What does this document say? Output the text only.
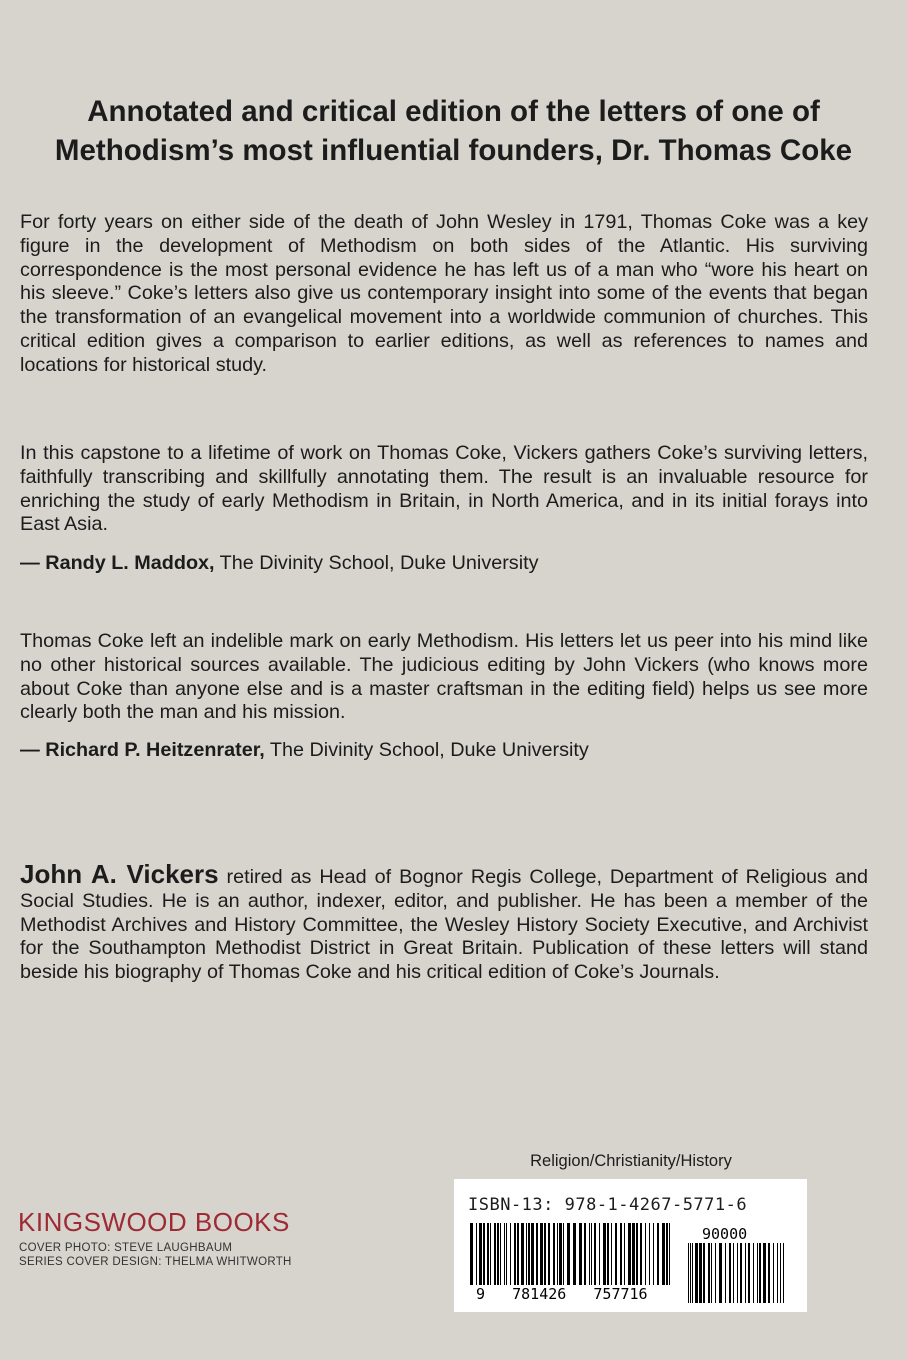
Annotated and critical edition of the letters of one of
Methodism’s most influential founders, Dr. Thomas Coke

For forty years on either side of the death of John Wesley in 1791, Thomas Coke was a key figure in the development of Methodism on both sides of the Atlantic. His surviving correspondence is the most personal evidence he has left us of a man who “wore his heart on his sleeve.” Coke’s letters also give us contemporary insight into some of the events that began the transformation of an evangelical movement into a worldwide communion of churches. This critical edition gives a comparison to earlier editions, as well as references to names and locations for historical study.

In this capstone to a lifetime of work on Thomas Coke, Vickers gathers Coke’s surviving letters, faithfully transcribing and skillfully annotating them. The result is an invaluable resource for enriching the study of early Methodism in Britain, in North America, and in its initial forays into East Asia.

— Randy L. Maddox, The Divinity School, Duke University

Thomas Coke left an indelible mark on early Methodism. His letters let us peer into his mind like no other historical sources available. The judicious editing by John Vickers (who knows more about Coke than anyone else and is a master craftsman in the editing field) helps us see more clearly both the man and his mission.

— Richard P. Heitzenrater, The Divinity School, Duke University

John A. Vickers retired as Head of Bognor Regis College, Department of Religious and Social Studies. He is an author, indexer, editor, and publisher. He has been a member of the Methodist Archives and History Committee, the Wesley History Society Executive, and Archivist for the Southampton Methodist District in Great Britain. Publication of these letters will stand beside his biography of Thomas Coke and his critical edition of Coke’s Journals.

Religion/Christianity/History

ISBN-13: 978-1-4267-5771-6

9   781426   757716
90000

KINGSWOOD BOOKS

COVER PHOTO: STEVE LAUGHBAUM

SERIES COVER DESIGN: THELMA WHITWORTH
